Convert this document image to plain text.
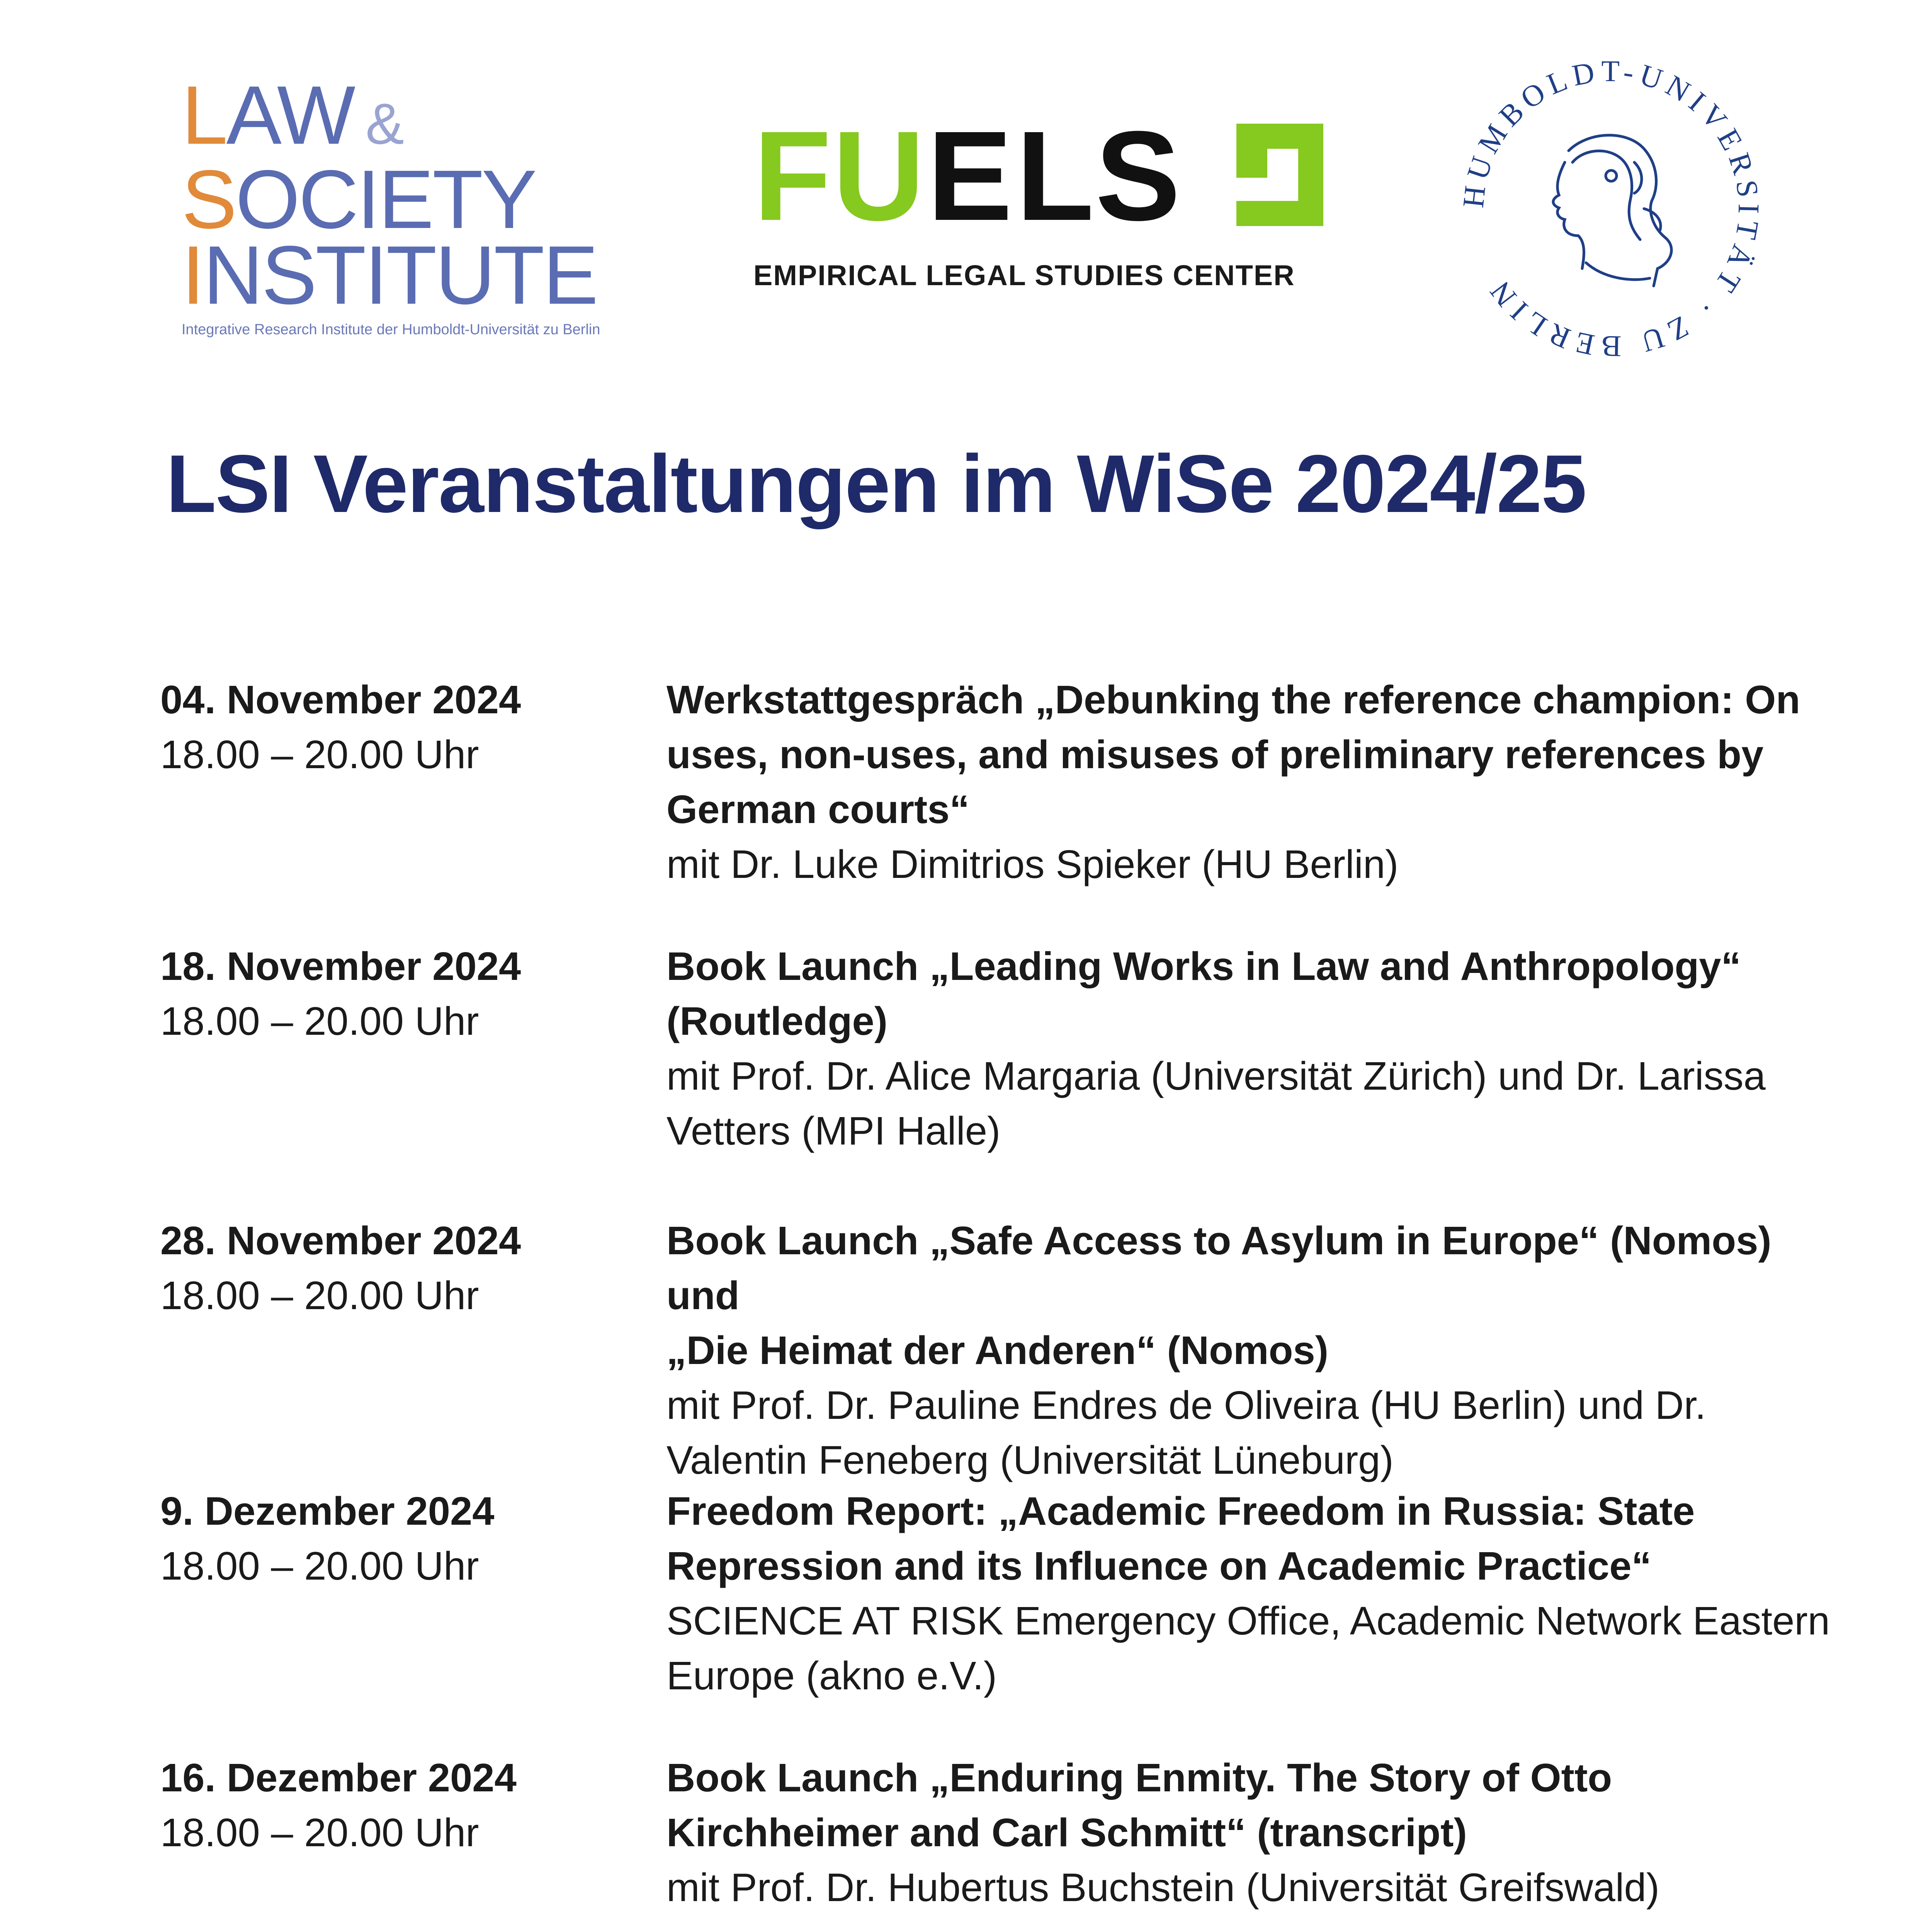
LAW &
SOCIETY
INSTITUTE
Integrative Research Institute der Humboldt-Universität zu Berlin
F U E L S
EMPIRICAL LEGAL STUDIES CENTER
HUMBOLDT-UNIVERSITÄT · ZU BERLIN
LSI Veranstaltungen im WiSe 2024/25
04. November 2024
18.00 – 20.00 Uhr
Werkstattgespräch „Debunking the reference champion: On
uses, non-uses, and misuses of preliminary references by
German courts“
mit Dr. Luke Dimitrios Spieker (HU Berlin)
18. November 2024
18.00 – 20.00 Uhr
Book Launch „Leading Works in Law and Anthropology“
(Routledge)
mit Prof. Dr. Alice Margaria (Universität Zürich) und Dr. Larissa
Vetters (MPI Halle)
28. November 2024
18.00 – 20.00 Uhr
Book Launch „Safe Access to Asylum in Europe“ (Nomos) und
„Die Heimat der Anderen“ (Nomos)
mit Prof. Dr. Pauline Endres de Oliveira (HU Berlin) und Dr.
Valentin Feneberg (Universität Lüneburg)
9. Dezember 2024
18.00 – 20.00 Uhr
Freedom Report: „Academic Freedom in Russia: State
Repression and its Influence on Academic Practice“
SCIENCE AT RISK Emergency Office, Academic Network Eastern
Europe (akno e.V.)
16. Dezember 2024
18.00 – 20.00 Uhr
Book Launch „Enduring Enmity. The Story of Otto
Kirchheimer and Carl Schmitt“ (transcript)
mit Prof. Dr. Hubertus Buchstein (Universität Greifswald)
